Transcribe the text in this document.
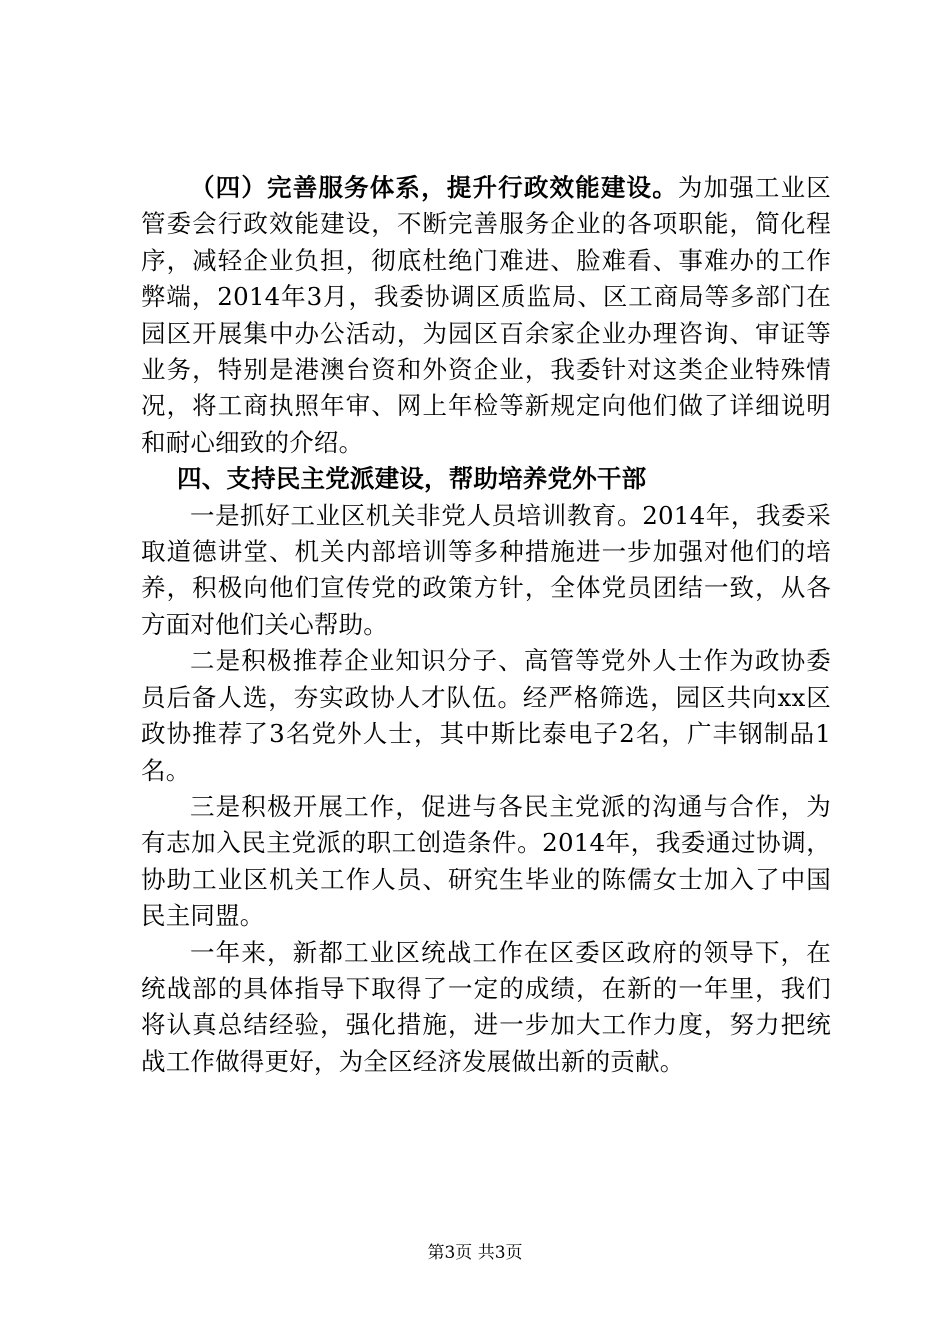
（四）完善服务体系，提升行政效能建设。为加强工业区管委会行政效能建设，不断完善服务企业的各项职能，简化程序，减轻企业负担，彻底杜绝门难进、脸难看、事难办的工作弊端，2014年3月，我委协调区质监局、区工商局等多部门在园区开展集中办公活动，为园区百余家企业办理咨询、审证等业务，特别是港澳台资和外资企业，我委针对这类企业特殊情况，将工商执照年审、网上年检等新规定向他们做了详细说明和耐心细致的介绍。

四、支持民主党派建设，帮助培养党外干部

一是抓好工业区机关非党人员培训教育。2014年，我委采取道德讲堂、机关内部培训等多种措施进一步加强对他们的培养，积极向他们宣传党的政策方针，全体党员团结一致，从各方面对他们关心帮助。

二是积极推荐企业知识分子、高管等党外人士作为政协委员后备人选，夯实政协人才队伍。经严格筛选，园区共向xx区政协推荐了3名党外人士，其中斯比泰电子2名，广丰钢制品1名。

三是积极开展工作，促进与各民主党派的沟通与合作，为有志加入民主党派的职工创造条件。2014年，我委通过协调，协助工业区机关工作人员、研究生毕业的陈儒女士加入了中国民主同盟。

一年来，新都工业区统战工作在区委区政府的领导下，在统战部的具体指导下取得了一定的成绩，在新的一年里，我们将认真总结经验，强化措施，进一步加大工作力度，努力把统战工作做得更好，为全区经济发展做出新的贡献。

第3页 共3页
